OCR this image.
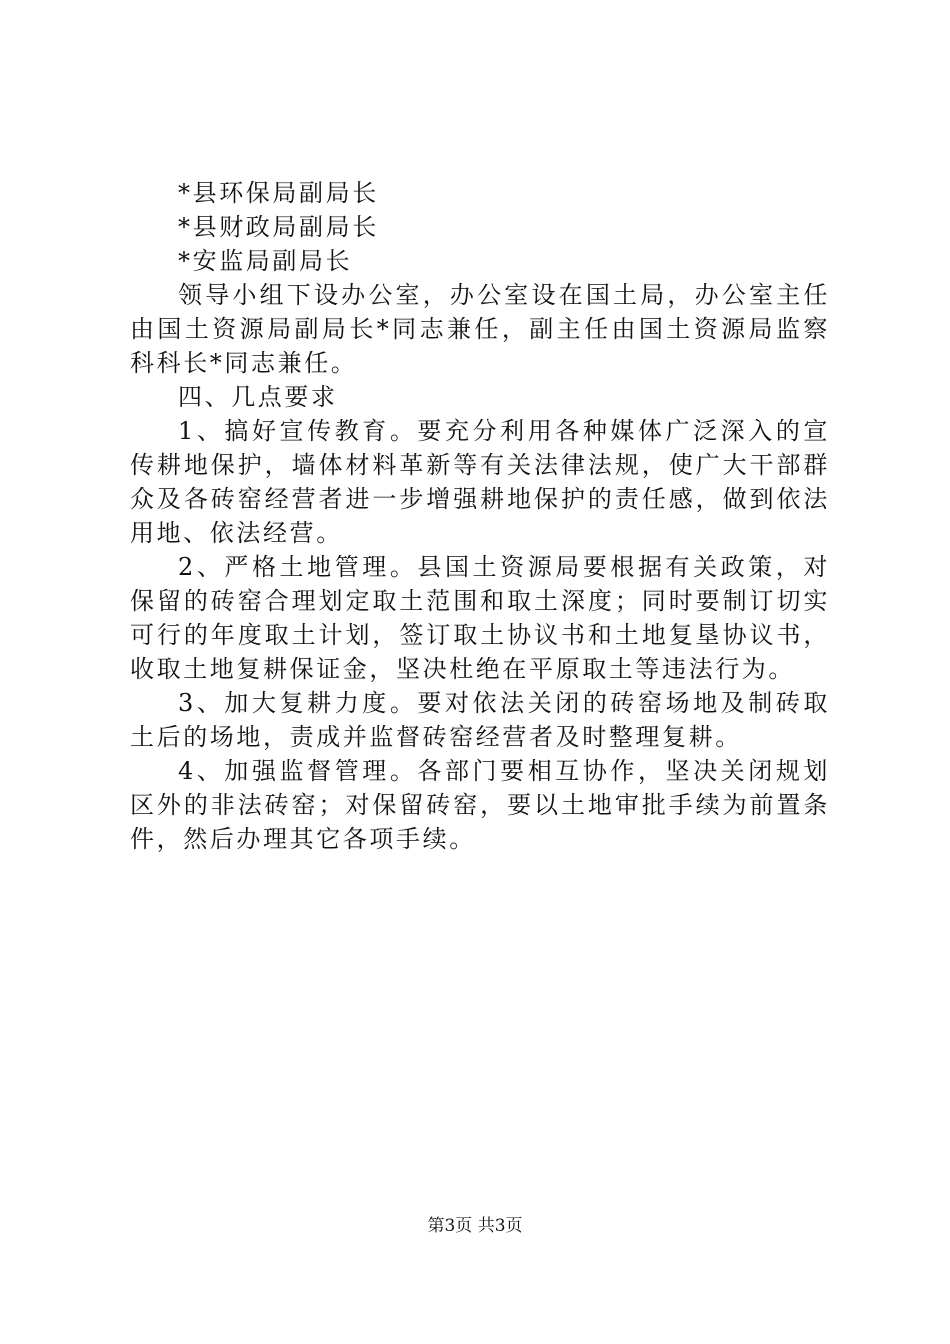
*县环保局副局长
*县财政局副局长
*安监局副局长

领导小组下设办公室，办公室设在国土局，办公室主任由国土资源局副局长*同志兼任，副主任由国土资源局监察科科长*同志兼任。

四、几点要求

1、搞好宣传教育。要充分利用各种媒体广泛深入的宣传耕地保护，墙体材料革新等有关法律法规，使广大干部群众及各砖窑经营者进一步增强耕地保护的责任感，做到依法用地、依法经营。

2、严格土地管理。县国土资源局要根据有关政策，对保留的砖窑合理划定取土范围和取土深度；同时要制订切实可行的年度取土计划，签订取土协议书和土地复垦协议书，收取土地复耕保证金，坚决杜绝在平原取土等违法行为。

3、加大复耕力度。要对依法关闭的砖窑场地及制砖取土后的场地，责成并监督砖窑经营者及时整理复耕。

4、加强监督管理。各部门要相互协作，坚决关闭规划区外的非法砖窑；对保留砖窑，要以土地审批手续为前置条件，然后办理其它各项手续。

第3页 共3页
